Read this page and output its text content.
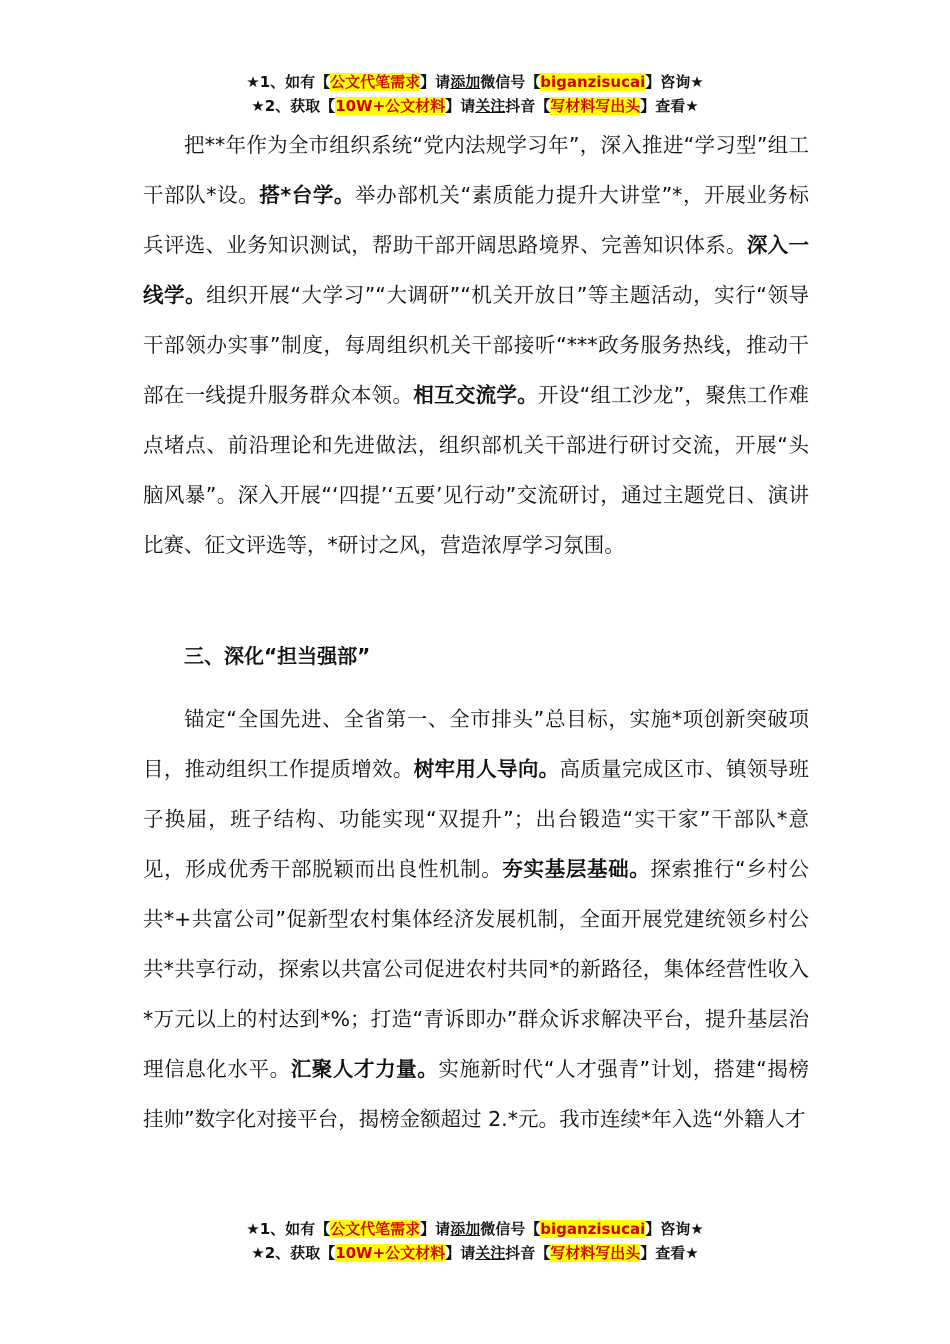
★1、如有【公文代笔需求】请添加微信号【biganzisucai】咨询★
★2、获取【10W+公文材料】请关注抖音【写材料写出头】查看★

把**年作为全市组织系统“党内法规学习年”，深入推进“学习型”组工干部队*设。搭*台学。举办部机关“素质能力提升大讲堂”*，开展业务标兵评选、业务知识测试，帮助干部开阔思路境界、完善知识体系。深入一线学。组织开展“大学习”“大调研”“机关开放日”等主题活动，实行“领导干部领办实事”制度，每周组织机关干部接听“***政务服务热线，推动干部在一线提升服务群众本领。相互交流学。开设“组工沙龙”，聚焦工作难点堵点、前沿理论和先进做法，组织部机关干部进行研讨交流，开展“头脑风暴”。深入开展“‘四提’‘五要’见行动”交流研讨，通过主题党日、演讲比赛、征文评选等，*研讨之风，营造浓厚学习氛围。

三、深化“担当强部”

锚定“全国先进、全省第一、全市排头”总目标，实施*项创新突破项目，推动组织工作提质增效。树牢用人导向。高质量完成区市、镇领导班子换届，班子结构、功能实现“双提升”；出台锻造“实干家”干部队*意见，形成优秀干部脱颖而出良性机制。夯实基层基础。探索推行“乡村公共*+共富公司”促新型农村集体经济发展机制，全面开展党建统领乡村公共*共享行动，探索以共富公司促进农村共同*的新路径，集体经营性收入*万元以上的村达到*%；打造“青诉即办”群众诉求解决平台，提升基层治理信息化水平。汇聚人才力量。实施新时代“人才强青”计划，搭建“揭榜挂帅”数字化对接平台，揭榜金额超过 2.*元。我市连续*年入选“外籍人才

★1、如有【公文代笔需求】请添加微信号【biganzisucai】咨询★
★2、获取【10W+公文材料】请关注抖音【写材料写出头】查看★
